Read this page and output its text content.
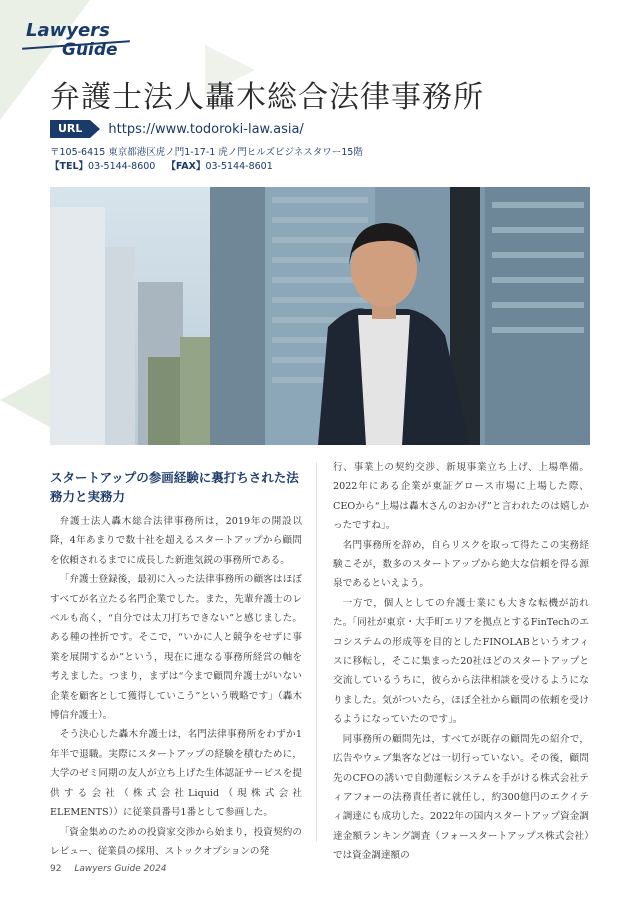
Lawyers
Guide
弁護士法人轟木総合法律事務所
URL	https://www.todoroki-law.asia/
〒105-6415 東京都港区虎ノ門1-17-1 虎ノ門ヒルズビジネスタワー15階
【TEL】03-5144-8600 【FAX】03-5144-8601
スタートアップの参画経験に裏打ちされた法務力と実務力

弁護士法人轟木総合法律事務所は，2019年の開設以降，4年あまりで数十社を超えるスタートアップから顧問を依頼されるまでに成長した新進気鋭の事務所である。

「弁護士登録後，最初に入った法律事務所の顧客はほぼすべてが名立たる名門企業でした。また，先輩弁護士のレベルも高く，“自分では太刀打ちできない”と感じました。ある種の挫折です。そこで，“いかに人と競争をせずに事業を展開するか”という，現在に連なる事務所経営の軸を考えました。つまり，まずは“今まで顧問弁護士がいない企業を顧客として獲得していこう”という戦略です」（轟木博信弁護士）。

そう決心した轟木弁護士は，名門法律事務所をわずか1年半で退職。実際にスタートアップの経験を積むために，大学のゼミ同期の友人が立ち上げた生体認証サービスを提供する会社（株式会社Liquid（現株式会社ELEMENTS））に従業員番号1番として参画した。

「資金集めのための投資家交渉から始まり，投資契約のレビュー、従業員の採用、ストックオプションの発

行、事業上の契約交渉、新規事業立ち上げ、上場準備。2022年にある企業が東証グロース市場に上場した際、CEOから“上場は轟木さんのおかげ”と言われたのは嬉しかったですね」。

名門事務所を辞め，自らリスクを取って得たこの実務経験こそが，数多のスタートアップから絶大な信頼を得る源泉であるといえよう。

一方で，個人としての弁護士業にも大きな転機が訪れた。「同社が東京・大手町エリアを拠点とするFinTechのエコシステムの形成等を目的としたFINOLABというオフィスに移転し，そこに集まった20社ほどのスタートアップと交流しているうちに，彼らから法律相談を受けるようになりました。気がついたら，ほぼ全社から顧問の依頼を受けるようになっていたのです」。

同事務所の顧問先は，すべてが既存の顧問先の紹介で，広告やウェブ集客などは一切行っていない。その後，顧問先のCFOの誘いで自動運転システムを手がける株式会社ティアフォーの法務責任者に就任し，約300億円のエクイティ調達にも成功した。2022年の国内スタートアップ資金調達金額ランキング調査（フォースタートアップス株式会社）では資金調達額の

92 Lawyers Guide 2024
